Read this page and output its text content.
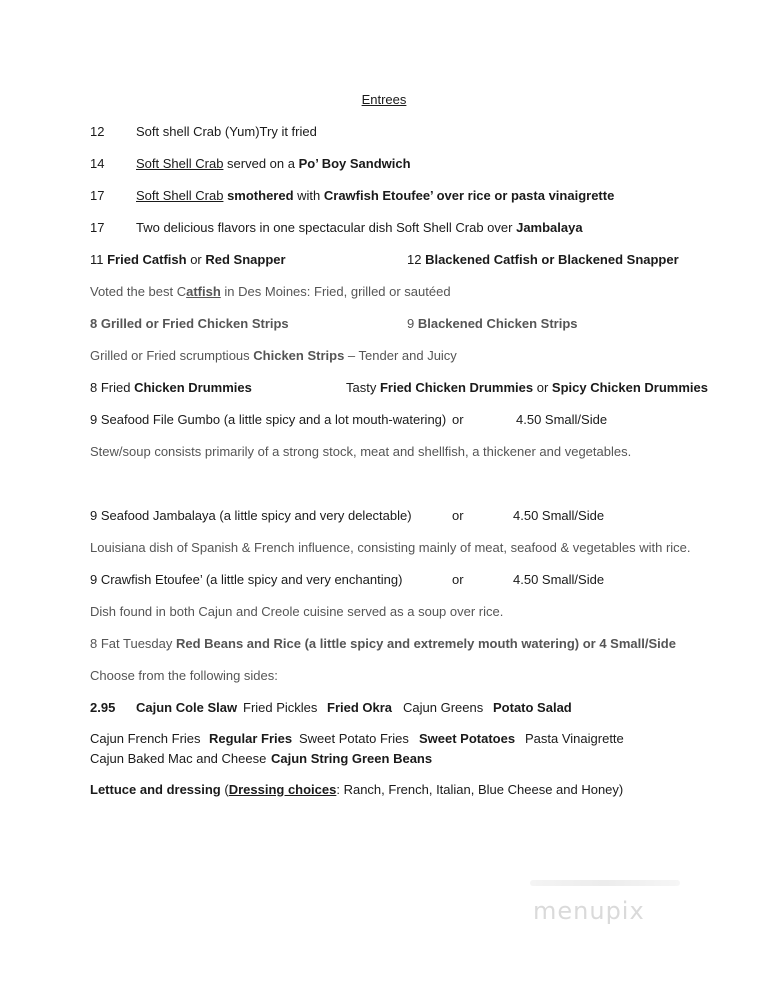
Entrees
12 Soft shell Crab (Yum)Try it fried
14 Soft Shell Crab served on a Po’ Boy Sandwich
17 Soft Shell Crab smothered with Crawfish Etoufee’ over rice or pasta vinaigrette
17 Two delicious flavors in one spectacular dish Soft Shell Crab over Jambalaya
11 Fried Catfish or Red Snapper	12 Blackened Catfish or Blackened Snapper
Voted the best Catfish in Des Moines: Fried, grilled or sautéed
8 Grilled or Fried Chicken Strips	9 Blackened Chicken Strips
Grilled or Fried scrumptious Chicken Strips – Tender and Juicy
8 Fried Chicken Drummies	Tasty Fried Chicken Drummies or Spicy Chicken Drummies
9 Seafood File Gumbo (a little spicy and a lot mouth-watering) or	4.50 Small/Side
Stew/soup consists primarily of a strong stock, meat and shellfish, a thickener and vegetables.
9 Seafood Jambalaya (a little spicy and very delectable)	or	4.50 Small/Side
Louisiana dish of Spanish & French influence, consisting mainly of meat, seafood & vegetables with rice.
9 Crawfish Etoufee’ (a little spicy and very enchanting)	or	4.50 Small/Side
Dish found in both Cajun and Creole cuisine served as a soup over rice.
8 Fat Tuesday Red Beans and Rice (a little spicy and extremely mouth watering) or 4 Small/Side
Choose from the following sides:
2.95 Cajun Cole Slaw Fried Pickles Fried Okra Cajun Greens Potato Salad
Cajun French Fries Regular Fries Sweet Potato Fries Sweet Potatoes Pasta Vinaigrette
Cajun Baked Mac and Cheese Cajun String Green Beans
Lettuce and dressing (Dressing choices: Ranch, French, Italian, Blue Cheese and Honey)
menupix
